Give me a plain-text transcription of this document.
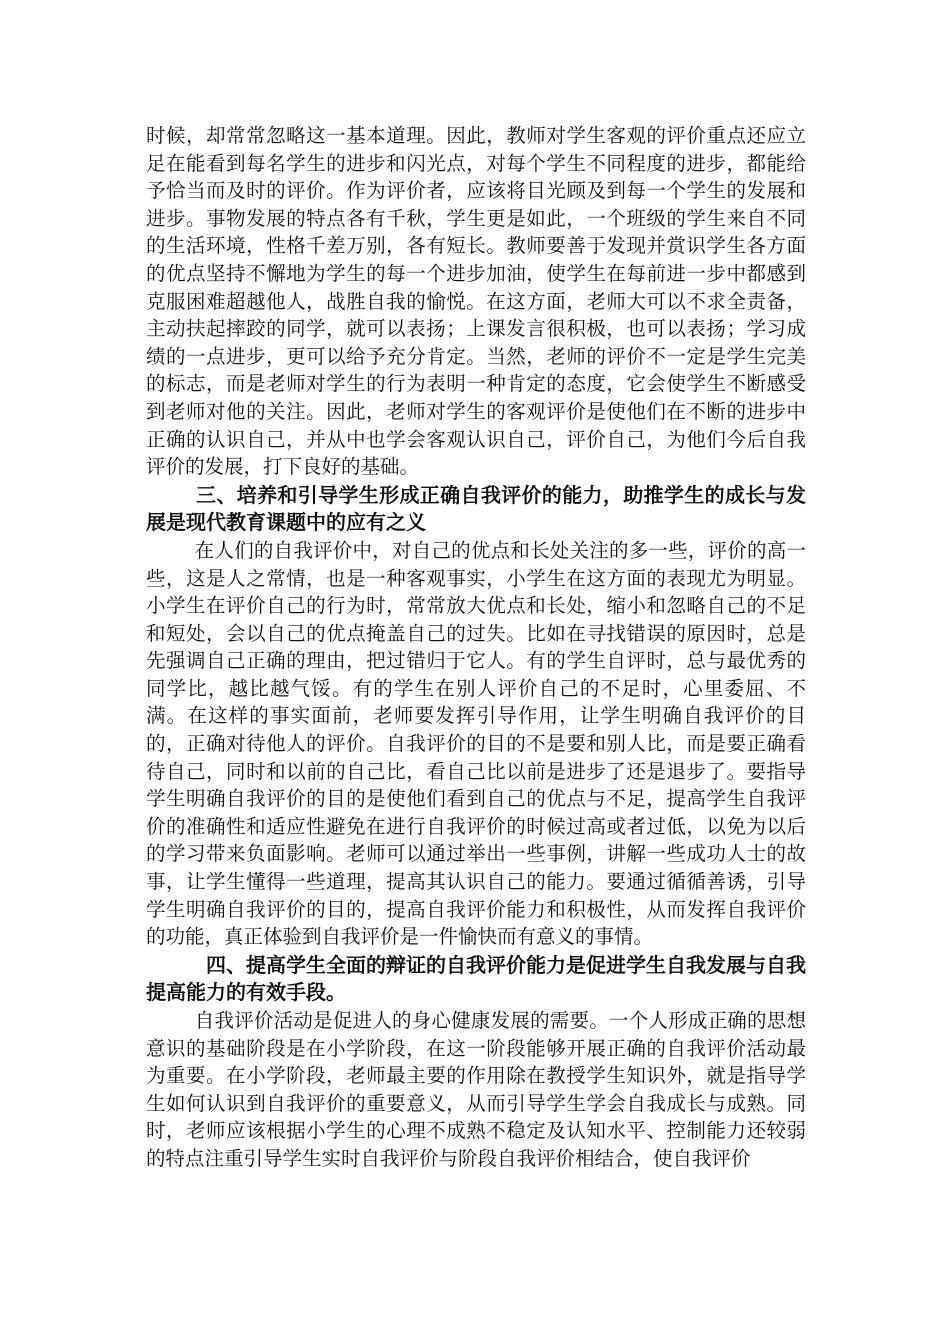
时候，却常常忽略这一基本道理。因此，教师对学生客观的评价重点还应立足在能看到每名学生的进步和闪光点，对每个学生不同程度的进步，都能给予恰当而及时的评价。作为评价者，应该将目光顾及到每一个学生的发展和进步。事物发展的特点各有千秋，学生更是如此，一个班级的学生来自不同的生活环境，性格千差万别，各有短长。教师要善于发现并赏识学生各方面的优点坚持不懈地为学生的每一个进步加油，使学生在每前进一步中都感到克服困难超越他人，战胜自我的愉悦。在这方面，老师大可以不求全责备，主动扶起摔跤的同学，就可以表扬；上课发言很积极，也可以表扬；学习成绩的一点进步，更可以给予充分肯定。当然，老师的评价不一定是学生完美的标志，而是老师对学生的行为表明一种肯定的态度，它会使学生不断感受到老师对他的关注。因此，老师对学生的客观评价是使他们在不断的进步中正确的认识自己，并从中也学会客观认识自己，评价自己，为他们今后自我评价的发展，打下良好的基础。

三、培养和引导学生形成正确自我评价的能力，助推学生的成长与发展是现代教育课题中的应有之义

在人们的自我评价中，对自己的优点和长处关注的多一些，评价的高一些，这是人之常情，也是一种客观事实，小学生在这方面的表现尤为明显。小学生在评价自己的行为时，常常放大优点和长处，缩小和忽略自己的不足和短处，会以自己的优点掩盖自己的过失。比如在寻找错误的原因时，总是先强调自己正确的理由，把过错归于它人。有的学生自评时，总与最优秀的同学比，越比越气馁。有的学生在别人评价自己的不足时，心里委屈、不满。在这样的事实面前，老师要发挥引导作用，让学生明确自我评价的目的，正确对待他人的评价。自我评价的目的不是要和别人比，而是要正确看待自己，同时和以前的自己比，看自己比以前是进步了还是退步了。要指导学生明确自我评价的目的是使他们看到自己的优点与不足，提高学生自我评价的准确性和适应性避免在进行自我评价的时候过高或者过低，以免为以后的学习带来负面影响。老师可以通过举出一些事例，讲解一些成功人士的故事，让学生懂得一些道理，提高其认识自己的能力。要通过循循善诱，引导学生明确自我评价的目的，提高自我评价能力和积极性，从而发挥自我评价的功能，真正体验到自我评价是一件愉快而有意义的事情。

四、提高学生全面的辩证的自我评价能力是促进学生自我发展与自我提高能力的有效手段。

自我评价活动是促进人的身心健康发展的需要。一个人形成正确的思想意识的基础阶段是在小学阶段，在这一阶段能够开展正确的自我评价活动最为重要。在小学阶段，老师最主要的作用除在教授学生知识外，就是指导学生如何认识到自我评价的重要意义，从而引导学生学会自我成长与成熟。同时，老师应该根据小学生的心理不成熟不稳定及认知水平、控制能力还较弱的特点注重引导学生实时自我评价与阶段自我评价相结合，使自我评价
